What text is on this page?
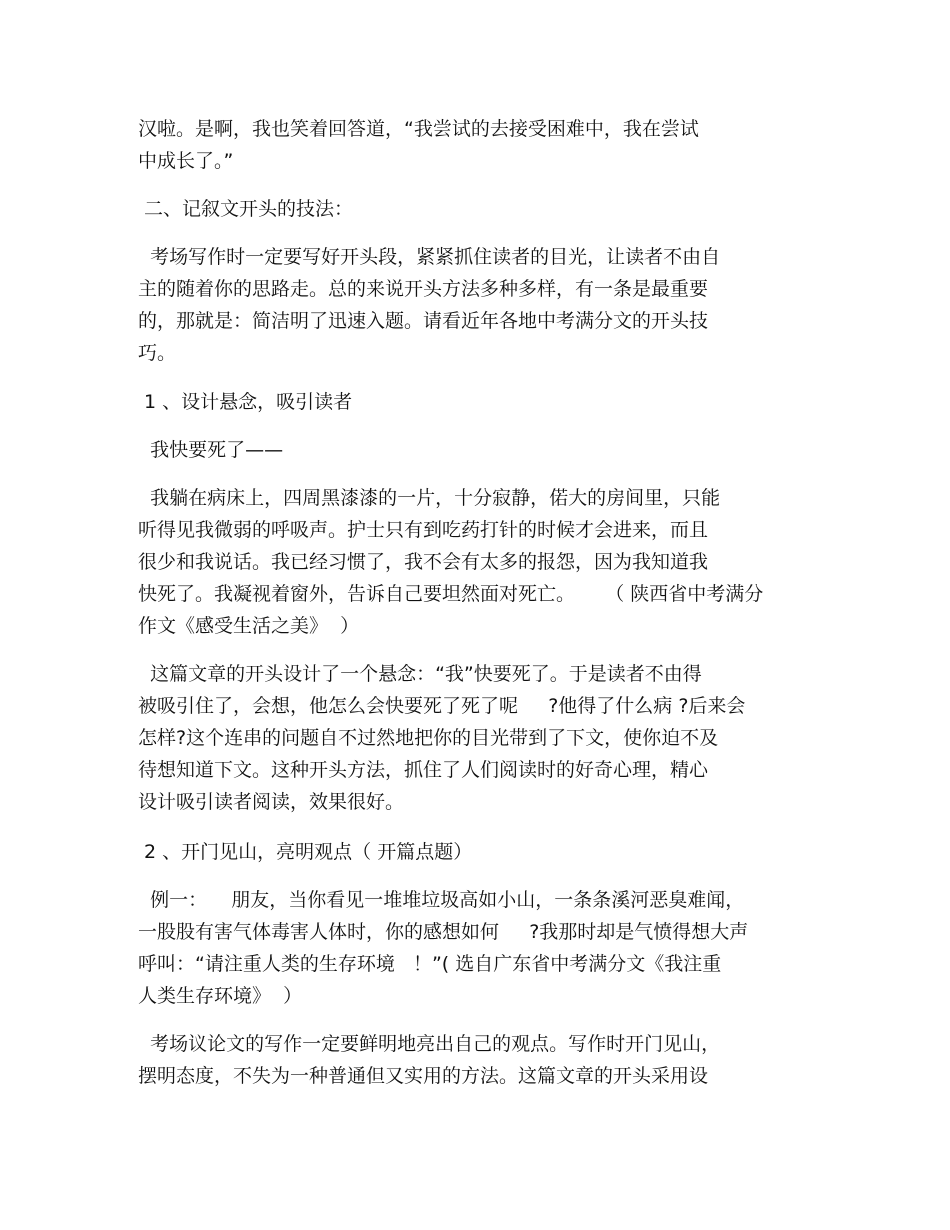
汉啦。是啊，我也笑着回答道，“我尝试的去接受困难中，我在尝试
中成长了。”
二、记叙文开头的技法：
考场写作时一定要写好开头段，紧紧抓住读者的目光，让读者不由自
主的随着你的思路走。总的来说开头方法多种多样，有一条是最重要
的，那就是：简洁明了迅速入题。请看近年各地中考满分文的开头技
巧。
1 、设计悬念，吸引读者
我快要死了——
我躺在病床上，四周黑漆漆的一片，十分寂静，偌大的房间里，只能
听得见我微弱的呼吸声。护士只有到吃药打针的时候才会进来，而且
很少和我说话。我已经习惯了，我不会有太多的报怨，因为我知道我
快死了。我凝视着窗外，告诉自己要坦然面对死亡。     （ 陕西省中考满分
作文《感受生活之美》  ）
这篇文章的开头设计了一个悬念：“我”快要死了。于是读者不由得
被吸引住了，会想，他怎么会快要死了死了呢     ?他得了什么病 ?后来会
怎样?这个连串的问题自不过然地把你的目光带到了下文，使你迫不及
待想知道下文。这种开头方法，抓住了人们阅读时的好奇心理，精心
设计吸引读者阅读，效果很好。
2 、开门见山，亮明观点（ 开篇点题）
例一：    朋友，当你看见一堆堆垃圾高如小山，一条条溪河恶臭难闻，
一股股有害气体毒害人体时，你的感想如何     ?我那时却是气愤得想大声
呼叫：“请注重人类的生存环境   ！”( 选自广东省中考满分文《我注重
人类生存环境》  ）
考场议论文的写作一定要鲜明地亮出自己的观点。写作时开门见山，
摆明态度，不失为一种普通但又实用的方法。这篇文章的开头采用设
